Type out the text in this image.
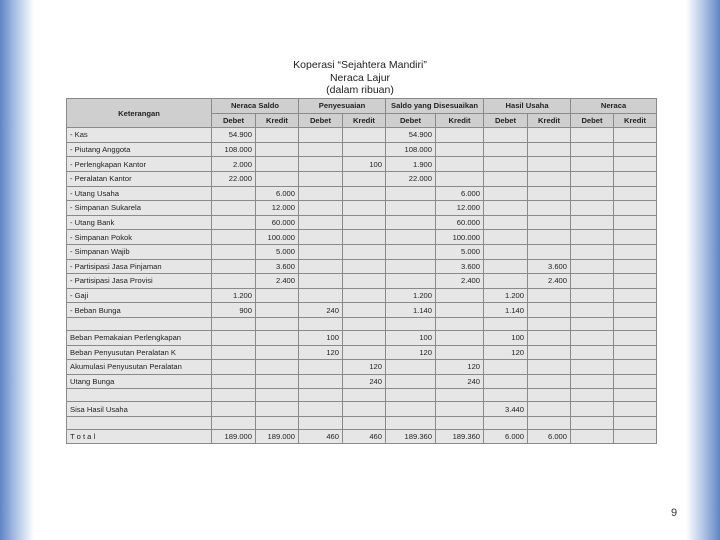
Koperasi “Sejahtera Mandiri”
Neraca Lajur
(dalam ribuan)
Keterangan	Neraca Saldo		Penyesuaian		Saldo yang Disesuaikan		Hasil Usaha		Neraca	
	Debet	Kredit	Debet	Kredit	Debet	Kredit	Debet	Kredit	Debet	Kredit
- Kas	54.900				54.900					
- Piutang Anggota	108.000				108.000					
- Perlengkapan Kantor	2.000			100	1.900					
- Peralatan Kantor	22.000				22.000					
- Utang Usaha		6.000				6.000				
- Simpanan Sukarela		12.000				12.000				
- Utang Bank		60.000				60.000				
- Simpanan Pokok		100.000				100.000				
- Simpanan Wajib		5.000				5.000				
- Partisipasi Jasa Pinjaman		3.600				3.600		3.600		
- Partisipasi Jasa Provisi		2.400				2.400		2.400		
- Gaji	1.200				1.200		1.200			
- Beban Bunga	900		240		1.140		1.140			

Beban Pemakaian Perlengkapan			100		100		100			
Beban Penyusutan Peralatan K			120		120		120			
Akumulasi Penyusutan Peralatan				120		120				
Utang Bunga				240		240				

Sisa Hasil Usaha							3.440			

T o t a l	189.000	189.000	460	460	189.360	189.360	6.000	6.000		
9
